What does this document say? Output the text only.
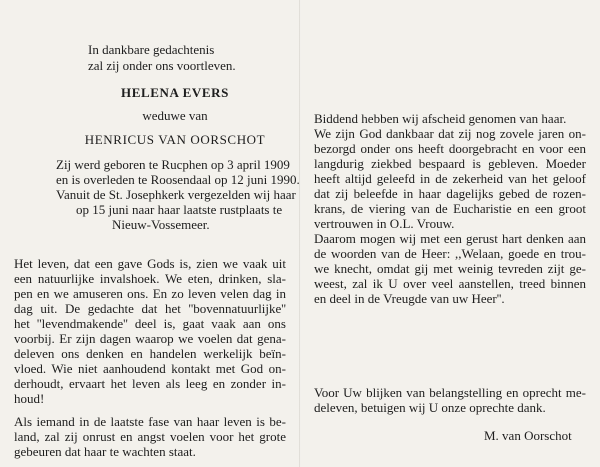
In dankbare gedachtenis
zal zij onder ons voortleven.
HELENA EVERS
weduwe van
HENRICUS VAN OORSCHOT
Zij werd geboren te Rucphen op 3 april 1909
en is overleden te Roosendaal op 12 juni 1990.
Vanuit de St. Josephkerk vergezelden wij haar
op 15 juni naar haar laatste rustplaats te
Nieuw-Vossemeer.
Het leven, dat een gave Gods is, zien we vaak uit
een natuurlijke invalshoek. We eten, drinken, sla-
pen en we amuseren ons. En zo leven velen dag in
dag uit. De gedachte dat het ''bovennatuurlijke''
het ''levendmakende'' deel is, gaat vaak aan ons
voorbij. Er zijn dagen waarop we voelen dat gena-
deleven ons denken en handelen werkelijk beïn-
vloed. Wie niet aanhoudend kontakt met God on-
derhoudt, ervaart het leven als leeg en zonder in-
houd!
Als iemand in de laatste fase van haar leven is be-
land, zal zij onrust en angst voelen voor het grote
gebeuren dat haar te wachten staat.
Biddend hebben wij afscheid genomen van haar.
We zijn God dankbaar dat zij nog zovele jaren on-
bezorgd onder ons heeft doorgebracht en voor een
langdurig ziekbed bespaard is gebleven. Moeder
heeft altijd geleefd in de zekerheid van het geloof
dat zij beleefde in haar dagelijks gebed de rozen-
krans, de viering van de Eucharistie en een groot
vertrouwen in O.L. Vrouw.
Daarom mogen wij met een gerust hart denken aan
de woorden van de Heer: ,,Welaan, goede en trou-
we knecht, omdat gij met weinig tevreden zijt ge-
weest, zal ik U over veel aanstellen, treed binnen
en deel in de Vreugde van uw Heer''.
Voor Uw blijken van belangstelling en oprecht me-
deleven, betuigen wij U onze oprechte dank.
M. van Oorschot
